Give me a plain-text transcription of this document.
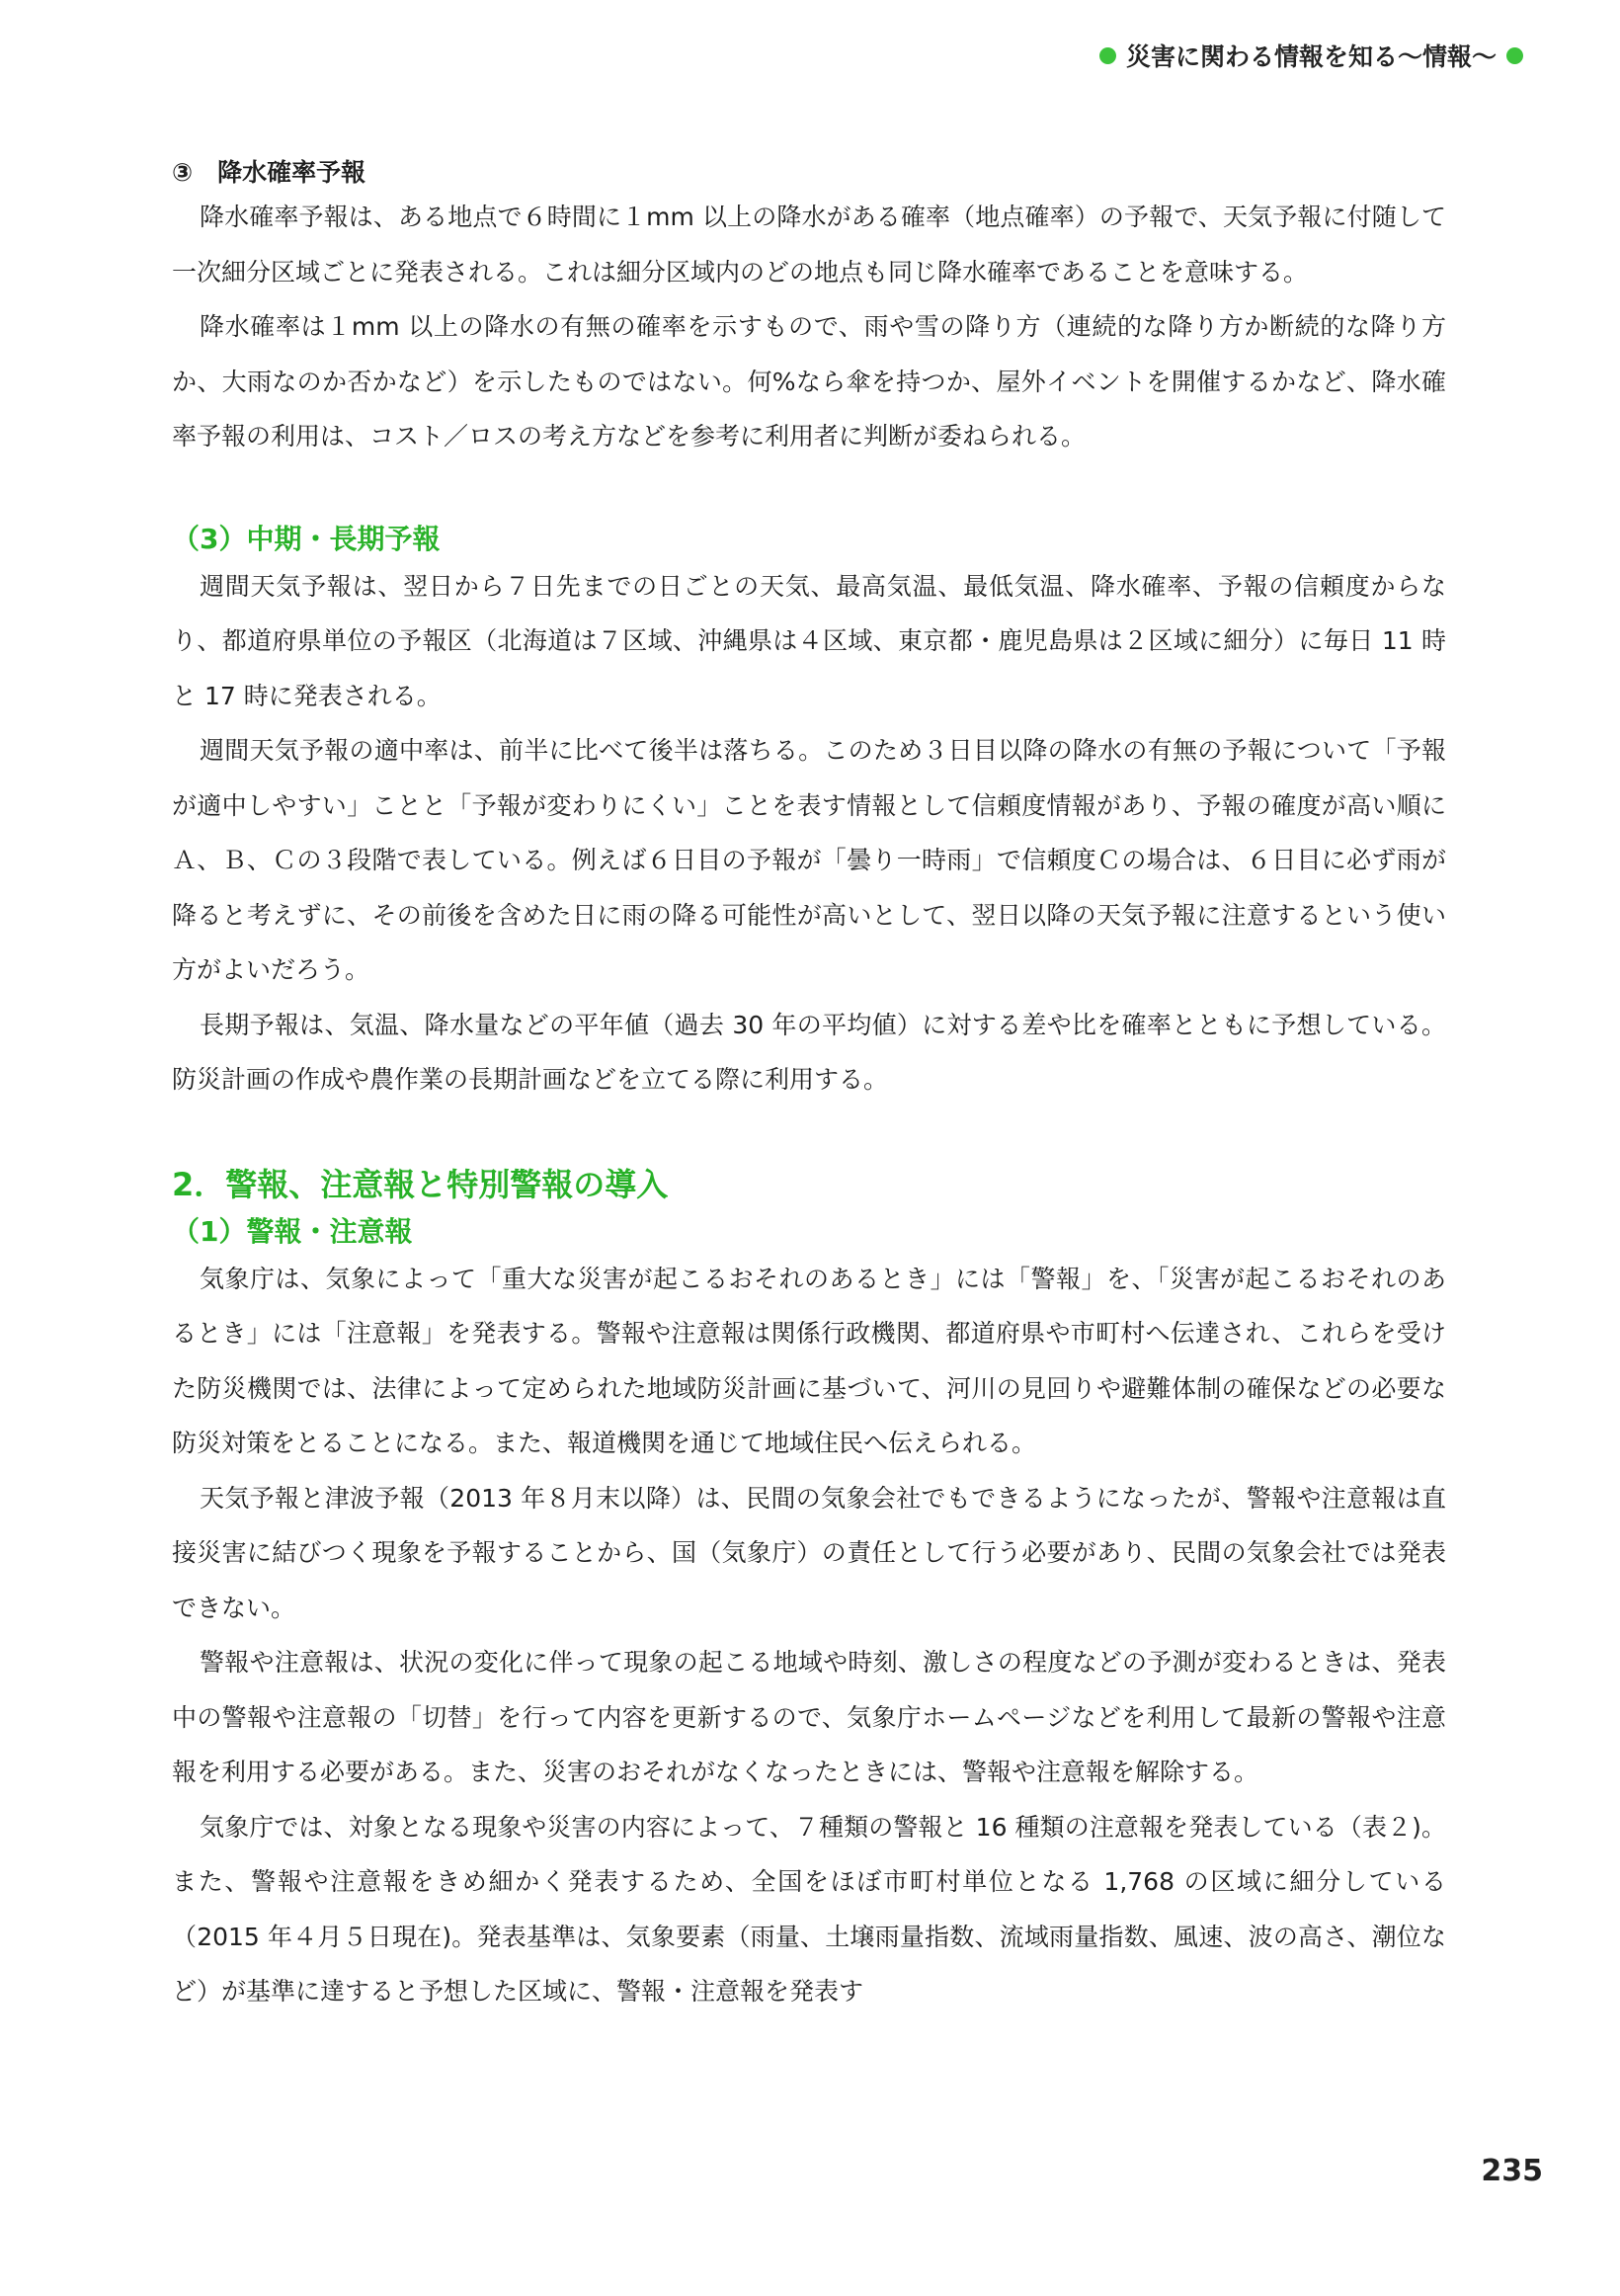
災害に関わる情報を知る～情報～
③　降水確率予報

降水確率予報は、ある地点で６時間に１mm 以上の降水がある確率（地点確率）の予報で、天気予報に付随して一次細分区域ごとに発表される。これは細分区域内のどの地点も同じ降水確率であることを意味する。

降水確率は１mm 以上の降水の有無の確率を示すもので、雨や雪の降り方（連続的な降り方か断続的な降り方か、大雨なのか否かなど）を示したものではない。何%なら傘を持つか、屋外イベントを開催するかなど、降水確率予報の利用は、コスト／ロスの考え方などを参考に利用者に判断が委ねられる。

（3）中期・長期予報

週間天気予報は、翌日から７日先までの日ごとの天気、最高気温、最低気温、降水確率、予報の信頼度からなり、都道府県単位の予報区（北海道は７区域、沖縄県は４区域、東京都・鹿児島県は２区域に細分）に毎日 11 時と 17 時に発表される。

週間天気予報の適中率は、前半に比べて後半は落ちる。このため３日目以降の降水の有無の予報について「予報が適中しやすい」ことと「予報が変わりにくい」ことを表す情報として信頼度情報があり、予報の確度が高い順にＡ、Ｂ、Ｃの３段階で表している。例えば６日目の予報が「曇り一時雨」で信頼度Ｃの場合は、６日目に必ず雨が降ると考えずに、その前後を含めた日に雨の降る可能性が高いとして、翌日以降の天気予報に注意するという使い方がよいだろう。

長期予報は、気温、降水量などの平年値（過去 30 年の平均値）に対する差や比を確率とともに予想している。防災計画の作成や農作業の長期計画などを立てる際に利用する。

2．警報、注意報と特別警報の導入
（1）警報・注意報

気象庁は、気象によって「重大な災害が起こるおそれのあるとき」には「警報」を、「災害が起こるおそれのあるとき」には「注意報」を発表する。警報や注意報は関係行政機関、都道府県や市町村へ伝達され、これらを受けた防災機関では、法律によって定められた地域防災計画に基づいて、河川の見回りや避難体制の確保などの必要な防災対策をとることになる。また、報道機関を通じて地域住民へ伝えられる。

天気予報と津波予報（2013 年８月末以降）は、民間の気象会社でもできるようになったが、警報や注意報は直接災害に結びつく現象を予報することから、国（気象庁）の責任として行う必要があり、民間の気象会社では発表できない。

警報や注意報は、状況の変化に伴って現象の起こる地域や時刻、激しさの程度などの予測が変わるときは、発表中の警報や注意報の「切替」を行って内容を更新するので、気象庁ホームページなどを利用して最新の警報や注意報を利用する必要がある。また、災害のおそれがなくなったときには、警報や注意報を解除する。

気象庁では、対象となる現象や災害の内容によって、７種類の警報と 16 種類の注意報を発表している（表２)。また、警報や注意報をきめ細かく発表するため、全国をほぼ市町村単位となる 1,768 の区域に細分している（2015 年４月５日現在)。発表基準は、気象要素（雨量、土壌雨量指数、流域雨量指数、風速、波の高さ、潮位など）が基準に達すると予想した区域に、警報・注意報を発表す

235
